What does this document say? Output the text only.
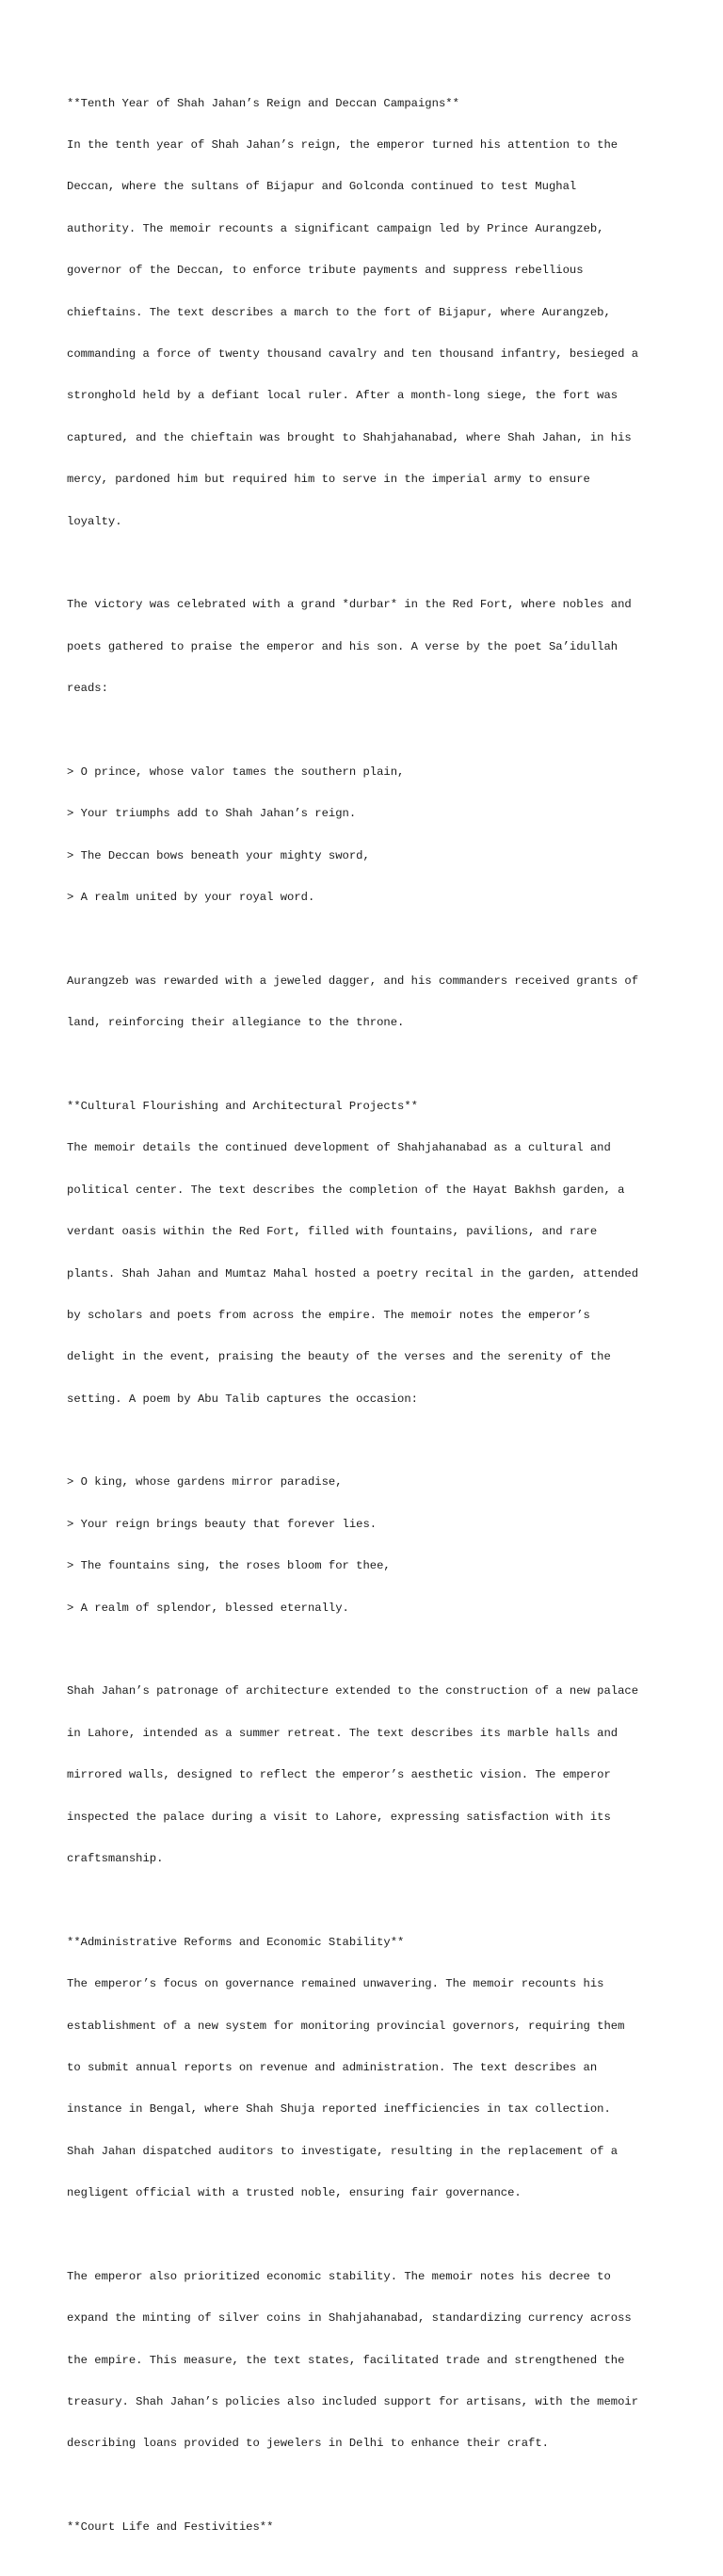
**Tenth Year of Shah Jahan’s Reign and Deccan Campaigns**

In the tenth year of Shah Jahan’s reign, the emperor turned his attention to the

Deccan, where the sultans of Bijapur and Golconda continued to test Mughal

authority. The memoir recounts a significant campaign led by Prince Aurangzeb,

governor of the Deccan, to enforce tribute payments and suppress rebellious

chieftains. The text describes a march to the fort of Bijapur, where Aurangzeb,

commanding a force of twenty thousand cavalry and ten thousand infantry, besieged a

stronghold held by a defiant local ruler. After a month-long siege, the fort was

captured, and the chieftain was brought to Shahjahanabad, where Shah Jahan, in his

mercy, pardoned him but required him to serve in the imperial army to ensure

loyalty.

The victory was celebrated with a grand *durbar* in the Red Fort, where nobles and

poets gathered to praise the emperor and his son. A verse by the poet Sa’idullah

reads:

> O prince, whose valor tames the southern plain,

> Your triumphs add to Shah Jahan’s reign.

> The Deccan bows beneath your mighty sword,

> A realm united by your royal word.

Aurangzeb was rewarded with a jeweled dagger, and his commanders received grants of

land, reinforcing their allegiance to the throne.

**Cultural Flourishing and Architectural Projects**

The memoir details the continued development of Shahjahanabad as a cultural and

political center. The text describes the completion of the Hayat Bakhsh garden, a

verdant oasis within the Red Fort, filled with fountains, pavilions, and rare

plants. Shah Jahan and Mumtaz Mahal hosted a poetry recital in the garden, attended

by scholars and poets from across the empire. The memoir notes the emperor’s

delight in the event, praising the beauty of the verses and the serenity of the

setting. A poem by Abu Talib captures the occasion:

> O king, whose gardens mirror paradise,

> Your reign brings beauty that forever lies.

> The fountains sing, the roses bloom for thee,

> A realm of splendor, blessed eternally.

Shah Jahan’s patronage of architecture extended to the construction of a new palace

in Lahore, intended as a summer retreat. The text describes its marble halls and

mirrored walls, designed to reflect the emperor’s aesthetic vision. The emperor

inspected the palace during a visit to Lahore, expressing satisfaction with its

craftsmanship.

**Administrative Reforms and Economic Stability**

The emperor’s focus on governance remained unwavering. The memoir recounts his

establishment of a new system for monitoring provincial governors, requiring them

to submit annual reports on revenue and administration. The text describes an

instance in Bengal, where Shah Shuja reported inefficiencies in tax collection.

Shah Jahan dispatched auditors to investigate, resulting in the replacement of a

negligent official with a trusted noble, ensuring fair governance.

The emperor also prioritized economic stability. The memoir notes his decree to

expand the minting of silver coins in Shahjahanabad, standardizing currency across

the empire. This measure, the text states, facilitated trade and strengthened the

treasury. Shah Jahan’s policies also included support for artisans, with the memoir

describing loans provided to jewelers in Delhi to enhance their craft.

**Court Life and Festivities**
